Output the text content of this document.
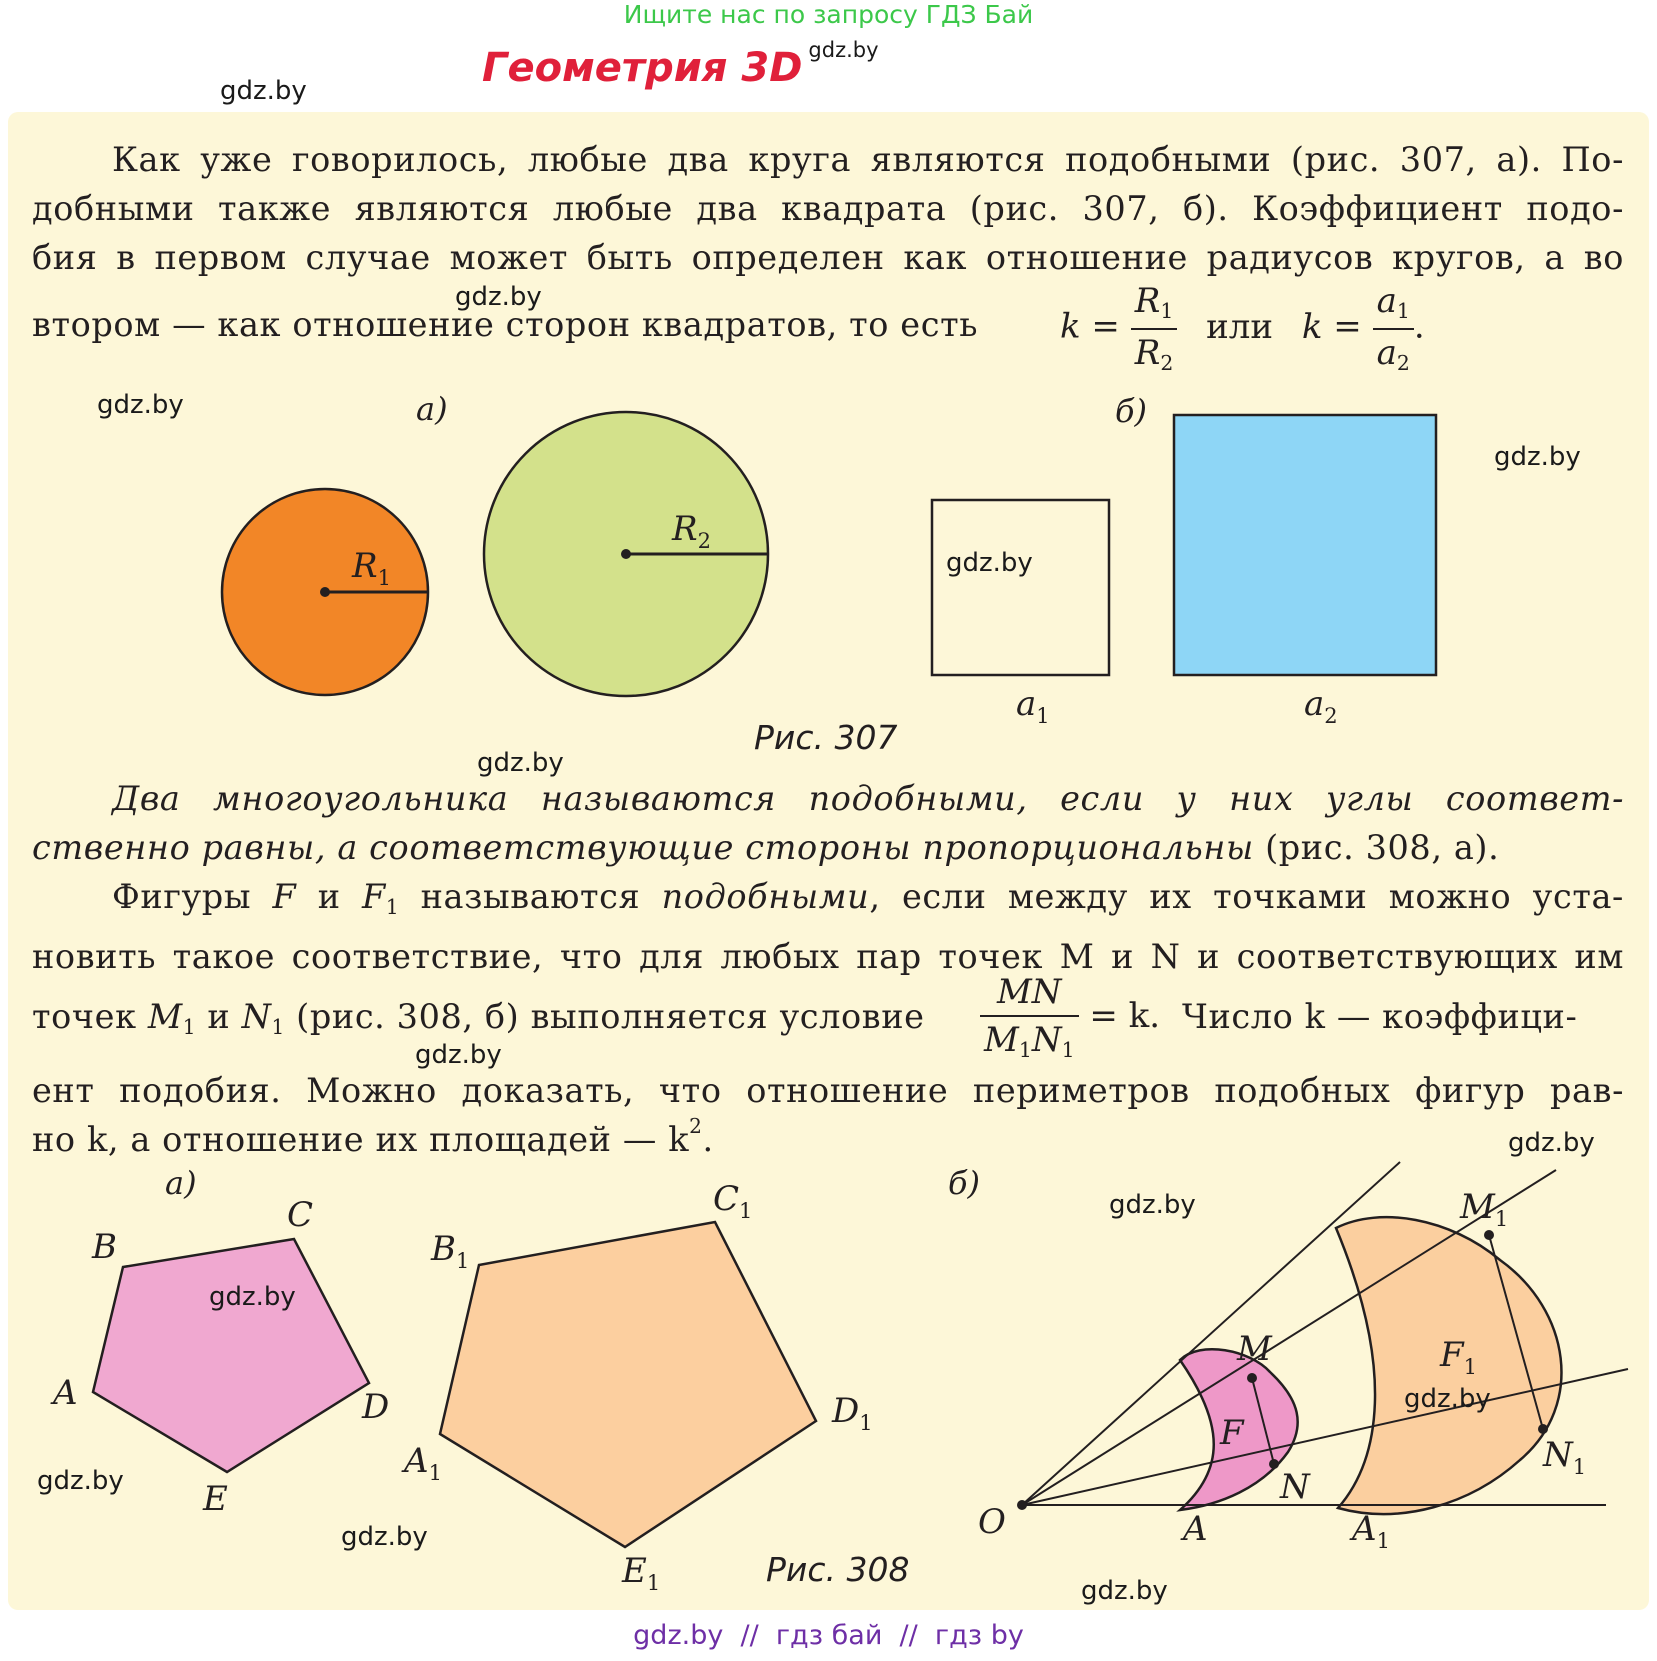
Ищите нас по запросу ГДЗ Бай
Геометрия 3D $^{gdz.by}$
gdz.by
Как уже говорилось, любые два круга являются подобными (рис. 307, а). По-
добными также являются любые два квадрата (рис. 307, б). Коэффициент подо-
бия в первом случае может быть определен как отношение радиусов кругов, а во
втором — как отношение сторон квадратов, то есть $k = \frac{R_1}{R_2}$ или $k = \frac{a_1}{a_2}$ .
gdz.by
gdz.by
gdz.by
а)
$R_1$
$R_2$
б)
$a_1$	$a_2$
gdz.by
Рис. 307
gdz.by
Два многоугольника называются подобными, если у них углы соответ-
ственно равны, а соответствующие стороны пропорциональны (рис. 308, а).
Фигуры F и $F_1$ называются подобными, если между их точками можно уста-
новить такое соответствие, что для любых пар точек M и N и соответствующих им
точек $M_1$ и $N_1$ (рис. 308, б) выполняется условие $\frac{MN}{M_1N_1} = k$. Число k — коэффици-
gdz.by
ент подобия. Можно доказать, что отношение периметров подобных фигур рав-
но k, а отношение их площадей — $k^2$.	gdz.by
а)
A
B
C
D
E
$A_1$
$B_1$
$C_1$
$D_1$
$E_1$
б)
O
M
N
F
A
$M_1$
$N_1$
$F_1$
$A_1$
gdz.by
gdz.by
gdz.by
gdz.by
gdz.by
Рис. 308
gdz.by
gdz.by  //  гдз бай  //  гдз by
